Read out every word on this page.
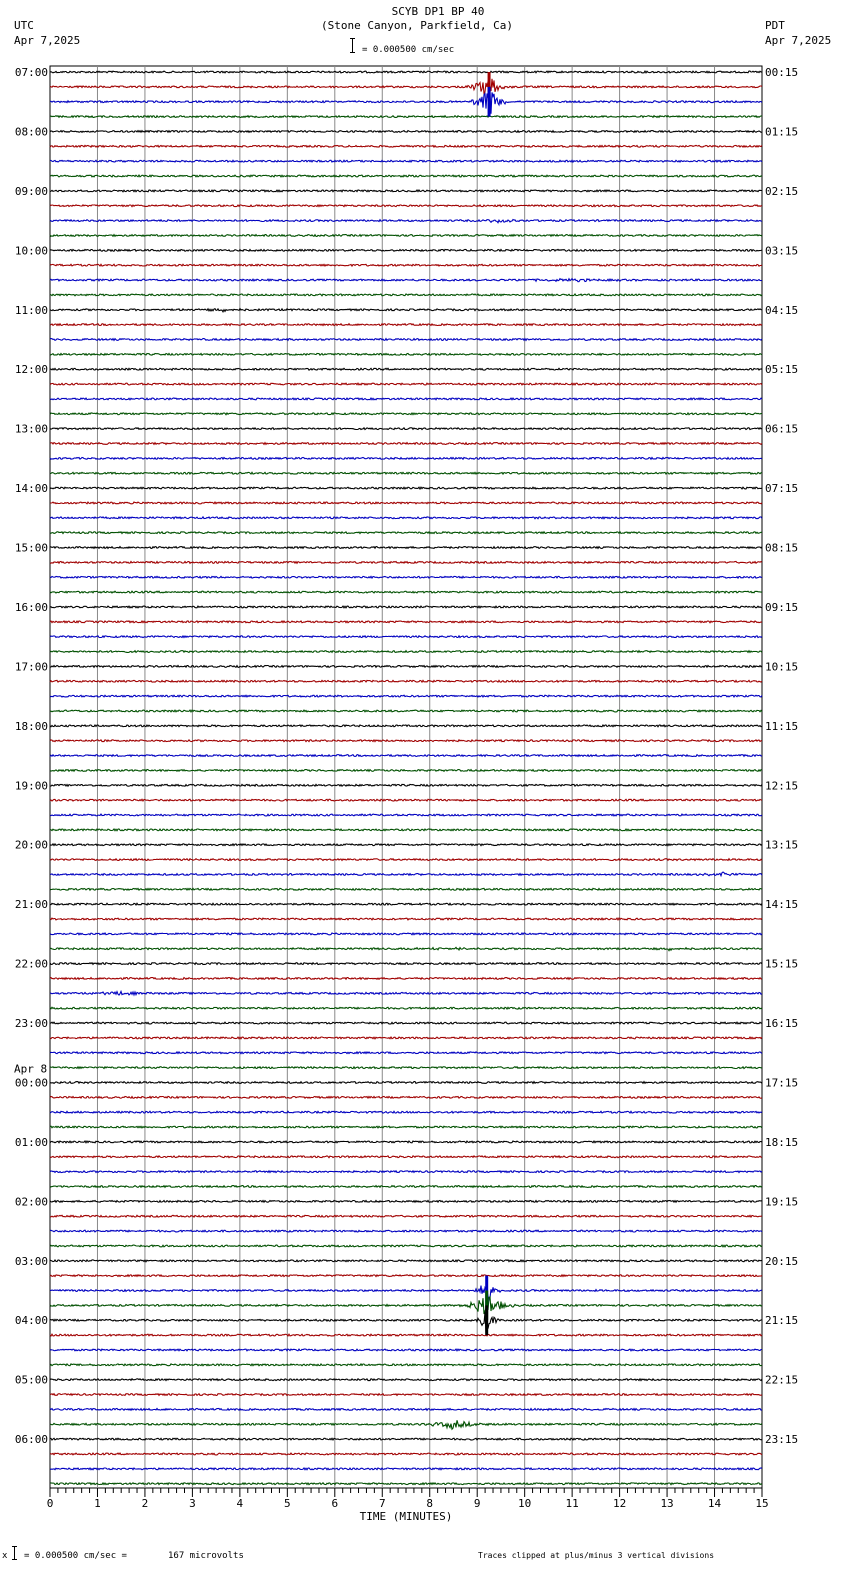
SCYB DP1 BP 40
(Stone Canyon, Parkfield, Ca)
UTC
Apr 7,2025
PDT
Apr 7,2025
= 0.000500 cm/sec
07:00
08:00
09:00
10:00
11:00
12:00
13:00
14:00
15:00
16:00
17:00
18:00
19:00
20:00
21:00
22:00
23:00
00:00
01:00
02:00
03:00
04:00
05:00
06:00
00:15
01:15
02:15
03:15
04:15
05:15
06:15
07:15
08:15
09:15
10:15
11:15
12:15
13:15
14:15
15:15
16:15
17:15
18:15
19:15
20:15
21:15
22:15
23:15
Apr 8
0	1	2	3	4	5	6	7	8	9	10	11	12	13	14	15
TIME (MINUTES)
x = 0.000500 cm/sec =	167 microvolts	Traces clipped at plus/minus 3 vertical divisions
